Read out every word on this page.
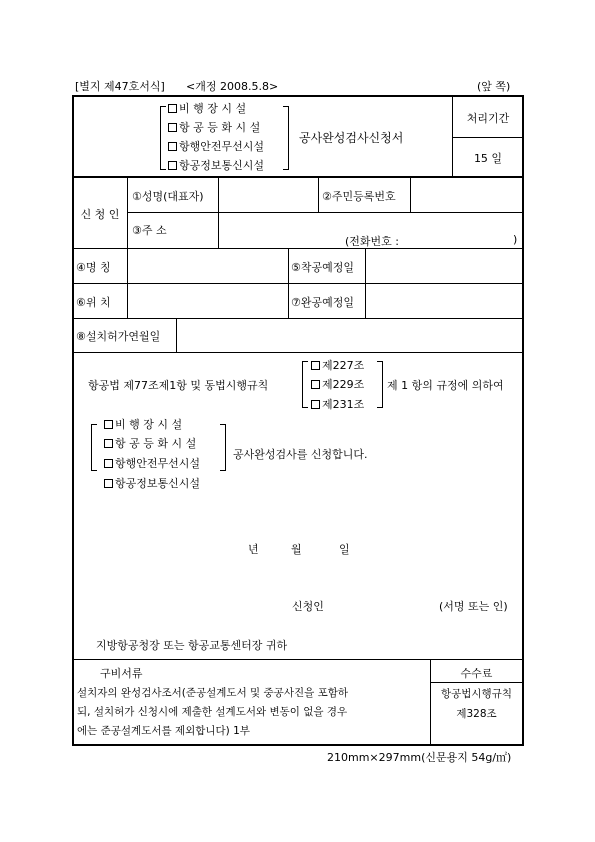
[별지 제47호서식] <개정 2008.5.8>	(앞 쪽)
비 행 장 시 설
항 공 등 화 시 설
항행안전무선시설
항공정보통신시설
공사완성검사신청서
처리기간
15 일
신 청 인
①성명(대표자)	②주민등록번호
③주 소
(전화번호 :	)
④명 칭	⑤착공예정일
⑥위 치	⑦완공예정일
⑧설치허가연월일
항공법 제77조제1항 및 동법시행규칙
제227조
제229조
제231조
제 1 항의 규정에 의하여
비 행 장 시 설
항 공 등 화 시 설
항행안전무선시설
항공정보통신시설
공사완성검사를 신청합니다.
년	월	일
신청인	(서명 또는 인)
지방항공청장 또는 항공교통센터장 귀하
구비서류
설치자의 완성검사조서(준공설계도서 및 중공사진을 포함하
되, 설치허가 신청시에 제출한 설계도서와 변동이 없을 경우
에는 준공설계도서를 제외합니다) 1부
수수료
항공법시행규칙
제328조
210mm×297mm(신문용지 54g/㎡)
